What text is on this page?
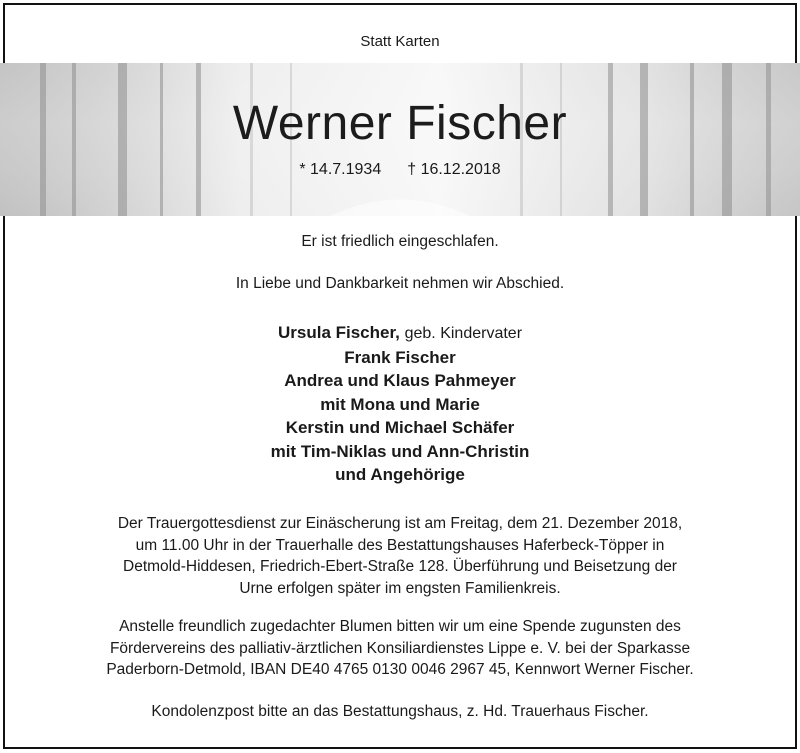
Statt Karten
Werner Fischer
* 14.7.1934 † 16.12.2018
Er ist friedlich eingeschlafen.
In Liebe und Dankbarkeit nehmen wir Abschied.
Ursula Fischer, geb. Kindervater
Frank Fischer
Andrea und Klaus Pahmeyer
mit Mona und Marie
Kerstin und Michael Schäfer
mit Tim-Niklas und Ann-Christin
und Angehörige
Der Trauergottesdienst zur Einäscherung ist am Freitag, dem 21. Dezember 2018,
um 11.00 Uhr in der Trauerhalle des Bestattungshauses Haferbeck-Töpper in
Detmold-Hiddesen, Friedrich-Ebert-Straße 128. Überführung und Beisetzung der
Urne erfolgen später im engsten Familienkreis.
Anstelle freundlich zugedachter Blumen bitten wir um eine Spende zugunsten des
Fördervereins des palliativ-ärztlichen Konsiliardienstes Lippe e. V. bei der Sparkasse
Paderborn-Detmold, IBAN DE40 4765 0130 0046 2967 45, Kennwort Werner Fischer.
Kondolenzpost bitte an das Bestattungshaus, z. Hd. Trauerhaus Fischer.
